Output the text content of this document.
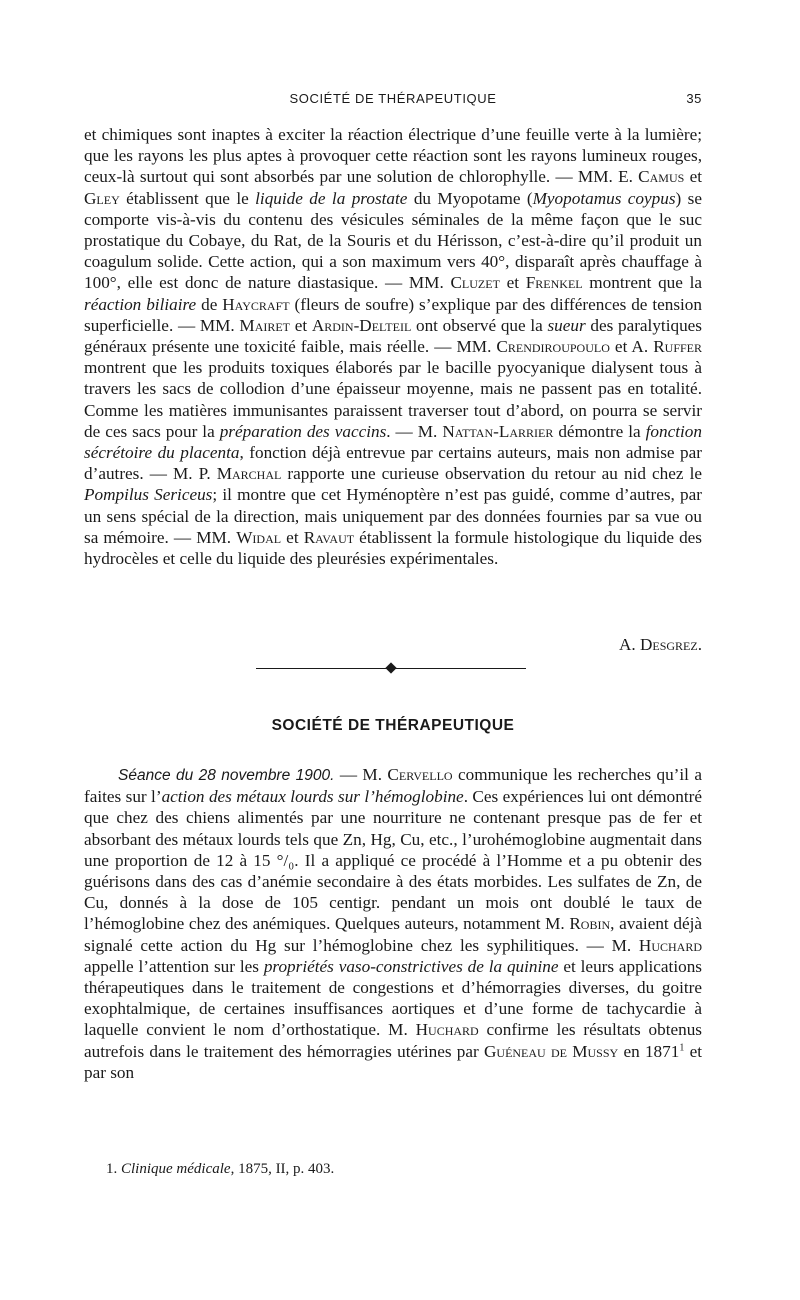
SOCIÉTÉ DE THÉRAPEUTIQUE	35

et chimiques sont inaptes à exciter la réaction électrique d’une feuille verte à la lumière; que les rayons les plus aptes à provoquer cette réaction sont les rayons lumineux rouges, ceux-là surtout qui sont absorbés par une solution de chlorophylle. — MM. E. Camus et Gley établissent que le liquide de la prostate du Myopotame (Myopotamus coypus) se comporte vis-à-vis du contenu des vésicules séminales de la même façon que le suc prostatique du Cobaye, du Rat, de la Souris et du Hérisson, c’est-à-dire qu’il produit un coagulum solide. Cette action, qui a son maximum vers 40°, disparaît après chauffage à 100°, elle est donc de nature diastasique. — MM. Cluzet et Frenkel montrent que la réaction biliaire de Haycraft (fleurs de soufre) s’explique par des différences de tension superficielle. — MM. Mairet et Ardin-Delteil ont observé que la sueur des paralytiques généraux présente une toxicité faible, mais réelle. — MM. Crendiroupoulo et A. Ruffer montrent que les produits toxiques élaborés par le bacille pyocyanique dialysent tous à travers les sacs de collodion d’une épaisseur moyenne, mais ne passent pas en totalité. Comme les matières immunisantes paraissent traverser tout d’abord, on pourra se servir de ces sacs pour la préparation des vaccins. — M. Nattan-Larrier démontre la fonction sécrétoire du placenta, fonction déjà entrevue par certains auteurs, mais non admise par d’autres. — M. P. Marchal rapporte une curieuse observation du retour au nid chez le Pompilus Sericeus; il montre que cet Hyménoptère n’est pas guidé, comme d’autres, par un sens spécial de la direction, mais uniquement par des données fournies par sa vue ou sa mémoire. — MM. Widal et Ravaut établissent la formule histologique du liquide des hydrocèles et celle du liquide des pleurésies expérimentales.

A. Desgrez.
SOCIÉTÉ DE THÉRAPEUTIQUE

Séance du 28 novembre 1900. — M. Cervello communique les recherches qu’il a faites sur l’action des métaux lourds sur l’hémoglobine. Ces expériences lui ont démontré que chez des chiens alimentés par une nourriture ne contenant presque pas de fer et absorbant des métaux lourds tels que Zn, Hg, Cu, etc., l’urohémoglobine augmentait dans une proportion de 12 à 15 °/₀. Il a appliqué ce procédé à l’Homme et a pu obtenir des guérisons dans des cas d’anémie secondaire à des états morbides. Les sulfates de Zn, de Cu, donnés à la dose de 105 centigr. pendant un mois ont doublé le taux de l’hémoglobine chez des anémiques. Quelques auteurs, notamment M. Robin, avaient déjà signalé cette action du Hg sur l’hémoglobine chez les syphilitiques. — M. Huchard appelle l’attention sur les propriétés vaso-constrictives de la quinine et leurs applications thérapeutiques dans le traitement de congestions et d’hémorragies diverses, du goitre exophtalmique, de certaines insuffisances aortiques et d’une forme de tachycardie à laquelle convient le nom d’orthostatique. M. Huchard confirme les résultats obtenus autrefois dans le traitement des hémorragies utérines par Guéneau de Mussy en 1871$^1$ et par son

1. Clinique médicale, 1875, II, p. 403.
